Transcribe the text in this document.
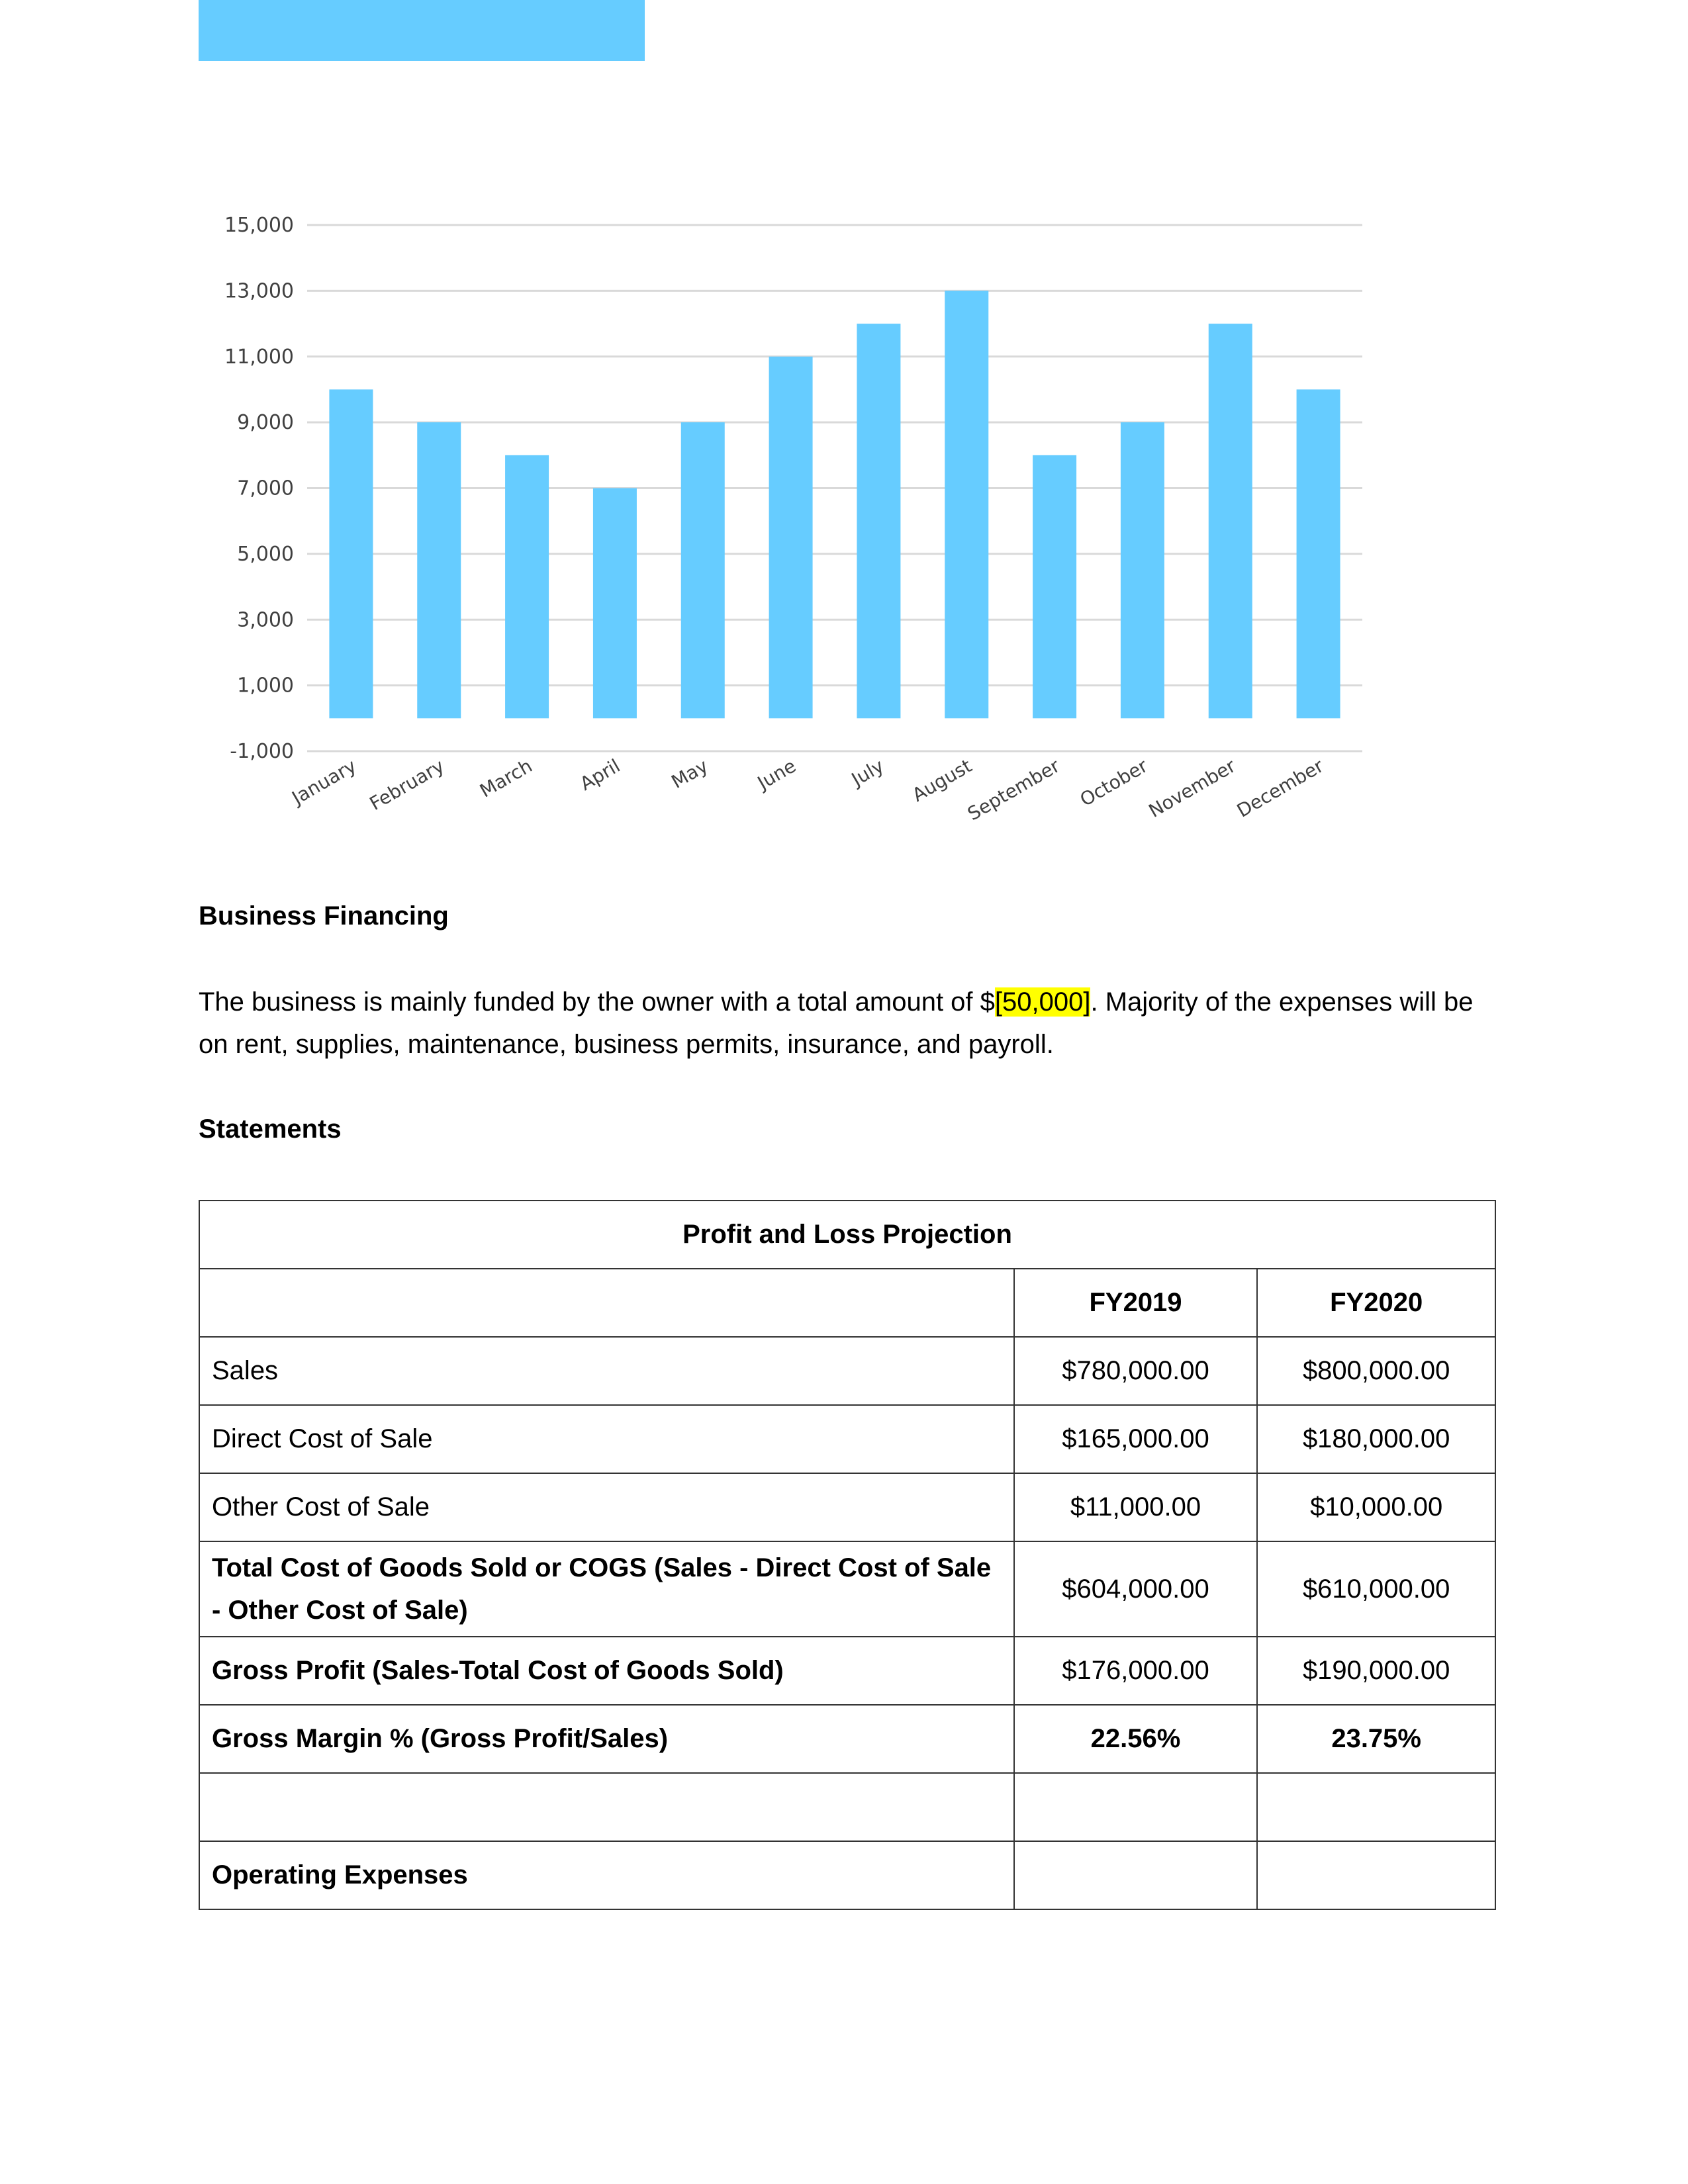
15,000
13,000
11,000
9,000
7,000
5,000
3,000
1,000
-1,000
January February March April May June	July August
September October
November
December
Business Financing

The business is mainly funded by the owner with a total amount of $[50,000]. Majority of the expenses will be on rent, supplies, maintenance, business permits, insurance, and payroll.

Statements
Profit and Loss Projection		
	FY2019	FY2020
Sales	$780,000.00	$800,000.00
Direct Cost of Sale	$165,000.00	$180,000.00
Other Cost of Sale	$11,000.00	$10,000.00
Total Cost of Goods Sold or COGS (Sales - Direct Cost of Sale - Other Cost of Sale)	$604,000.00	$610,000.00
Gross Profit (Sales-Total Cost of Goods Sold)	$176,000.00	$190,000.00
Gross Margin % (Gross Profit/Sales)	22.56%	23.75%

Operating Expenses		
